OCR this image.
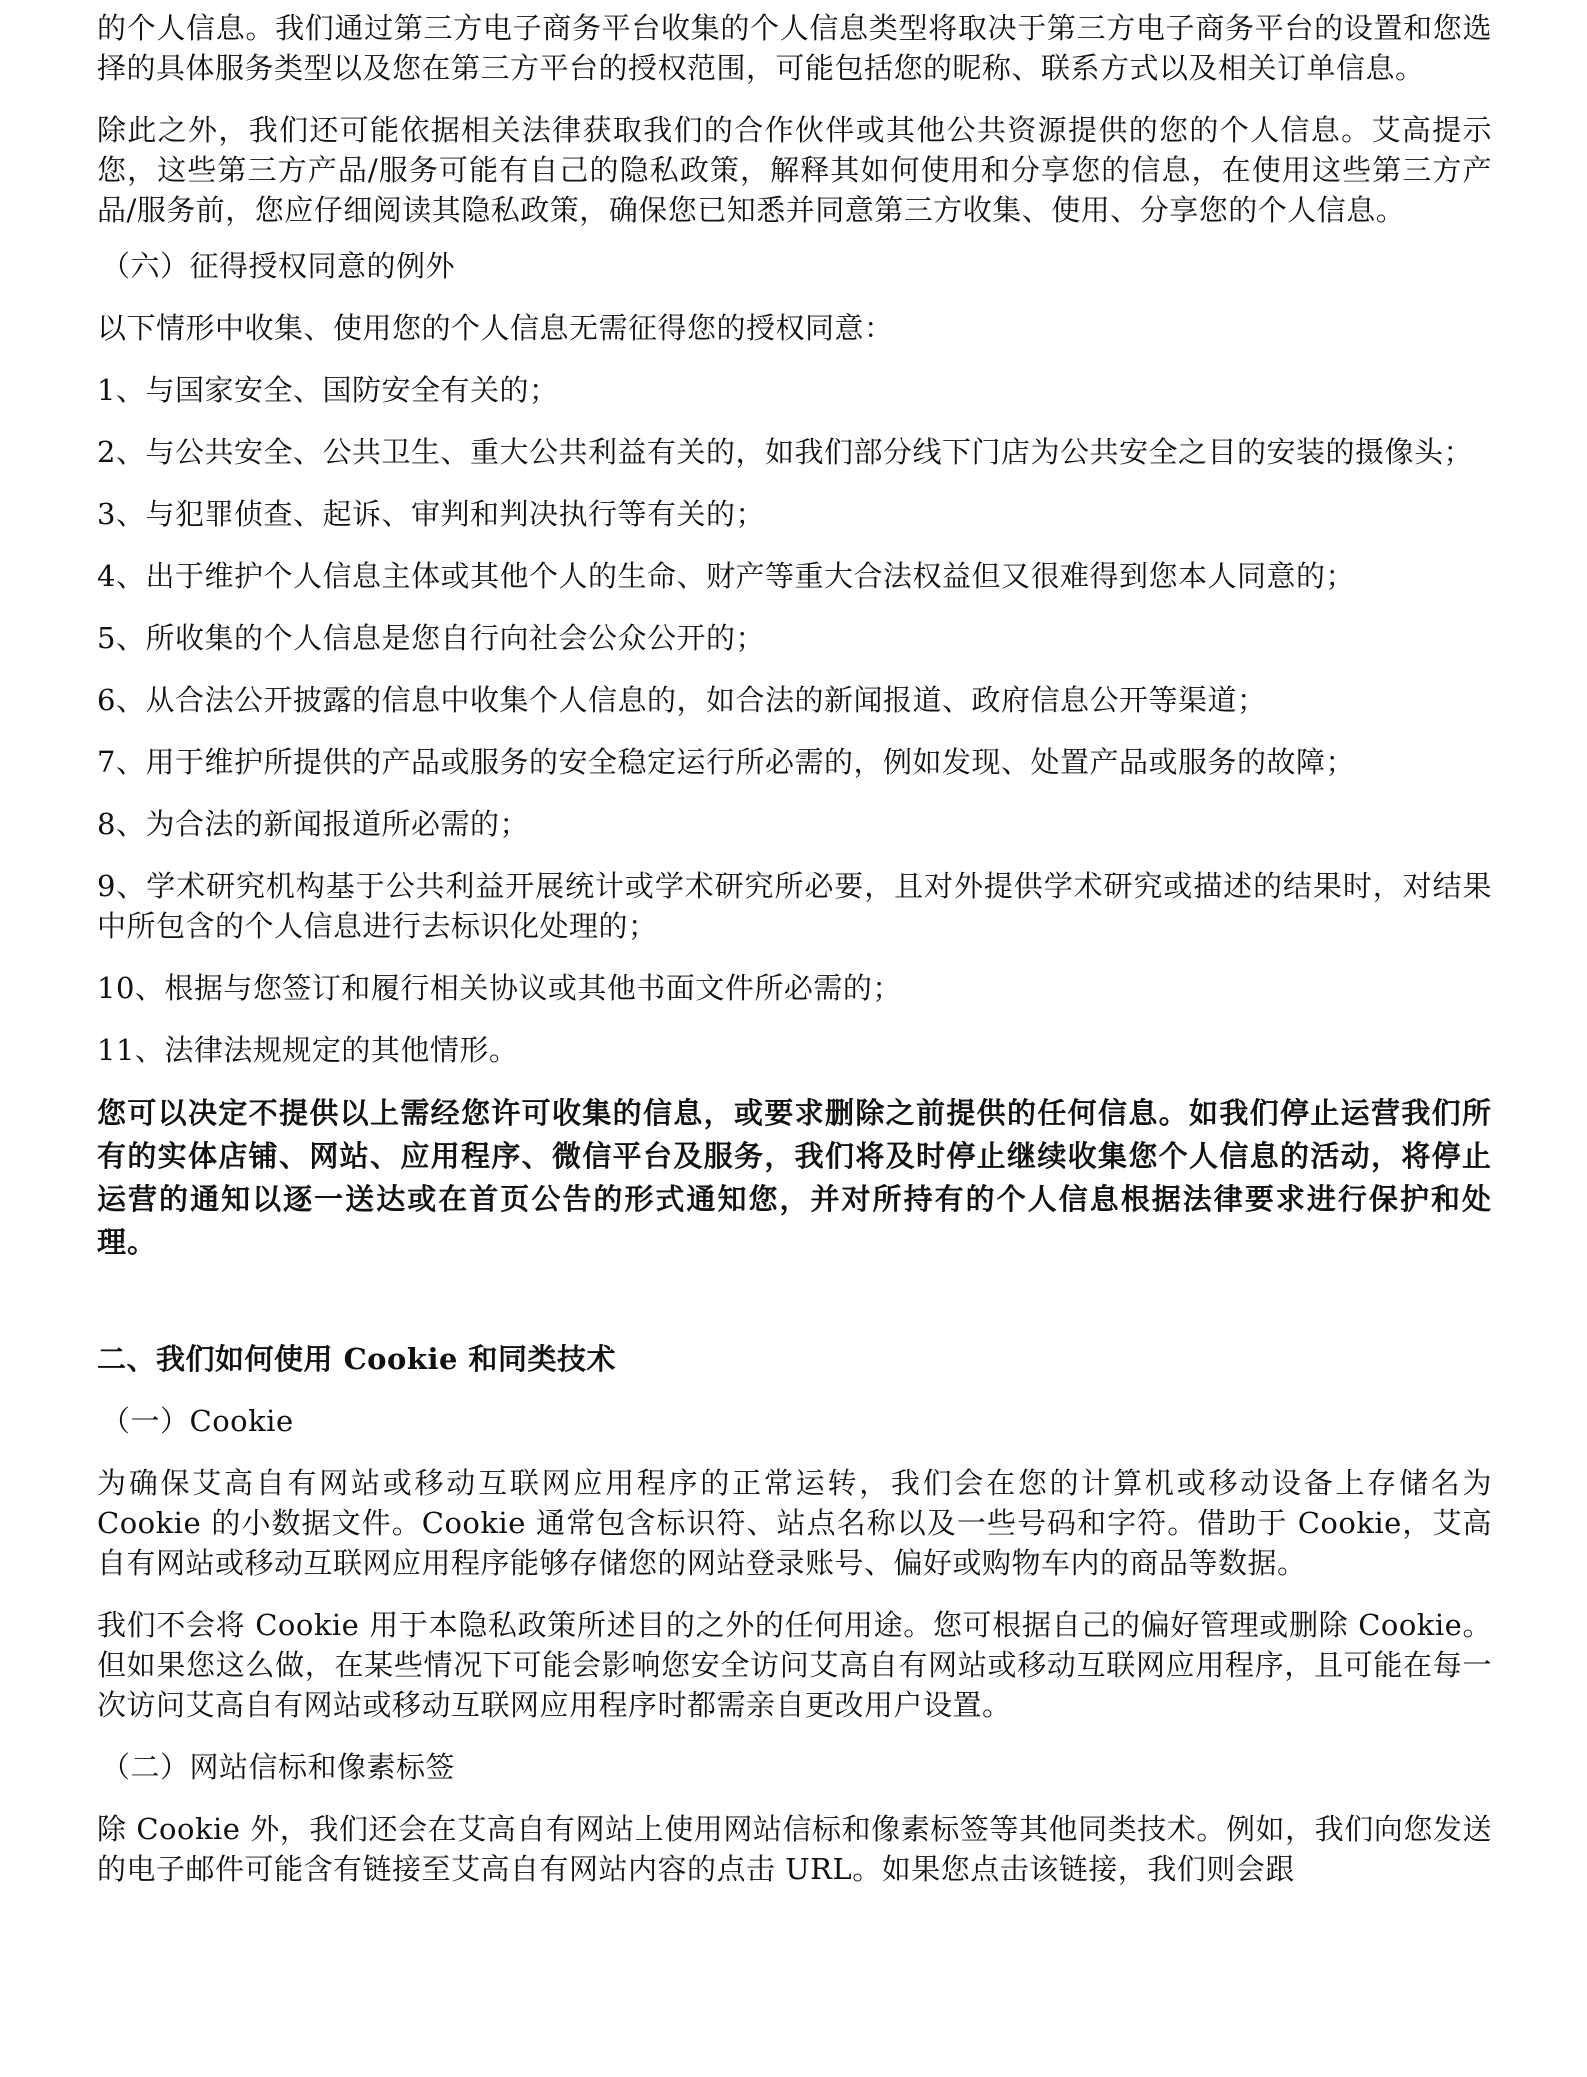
的个人信息。我们通过第三方电子商务平台收集的个人信息类型将取决于第三方电子商务平台的设置和您选择的具体服务类型以及您在第三方平台的授权范围，可能包括您的昵称、联系方式以及相关订单信息。

除此之外，我们还可能依据相关法律获取我们的合作伙伴或其他公共资源提供的您的个人信息。艾高提示您，这些第三方产品/服务可能有自己的隐私政策，解释其如何使用和分享您的信息，在使用这些第三方产品/服务前，您应仔细阅读其隐私政策，确保您已知悉并同意第三方收集、使用、分享您的个人信息。

（六）征得授权同意的例外

以下情形中收集、使用您的个人信息无需征得您的授权同意：

1、与国家安全、国防安全有关的；

2、与公共安全、公共卫生、重大公共利益有关的，如我们部分线下门店为公共安全之目的安装的摄像头；

3、与犯罪侦查、起诉、审判和判决执行等有关的；

4、出于维护个人信息主体或其他个人的生命、财产等重大合法权益但又很难得到您本人同意的；

5、所收集的个人信息是您自行向社会公众公开的；

6、从合法公开披露的信息中收集个人信息的，如合法的新闻报道、政府信息公开等渠道；

7、用于维护所提供的产品或服务的安全稳定运行所必需的，例如发现、处置产品或服务的故障；

8、为合法的新闻报道所必需的；

9、学术研究机构基于公共利益开展统计或学术研究所必要，且对外提供学术研究或描述的结果时，对结果中所包含的个人信息进行去标识化处理的；

10、根据与您签订和履行相关协议或其他书面文件所必需的；

11、法律法规规定的其他情形。

您可以决定不提供以上需经您许可收集的信息，或要求删除之前提供的任何信息。如我们停止运营我们所有的实体店铺、网站、应用程序、微信平台及服务，我们将及时停止继续收集您个人信息的活动，将停止运营的通知以逐一送达或在首页公告的形式通知您，并对所持有的个人信息根据法律要求进行保护和处理。

二、我们如何使用 Cookie 和同类技术

（一）Cookie

为确保艾高自有网站或移动互联网应用程序的正常运转，我们会在您的计算机或移动设备上存储名为 Cookie 的小数据文件。Cookie 通常包含标识符、站点名称以及一些号码和字符。借助于 Cookie，艾高自有网站或移动互联网应用程序能够存储您的网站登录账号、偏好或购物车内的商品等数据。

我们不会将 Cookie 用于本隐私政策所述目的之外的任何用途。您可根据自己的偏好管理或删除 Cookie。但如果您这么做，在某些情况下可能会影响您安全访问艾高自有网站或移动互联网应用程序，且可能在每一次访问艾高自有网站或移动互联网应用程序时都需亲自更改用户设置。

（二）网站信标和像素标签

除 Cookie 外，我们还会在艾高自有网站上使用网站信标和像素标签等其他同类技术。例如，我们向您发送的电子邮件可能含有链接至艾高自有网站内容的点击 URL。如果您点击该链接，我们则会跟
